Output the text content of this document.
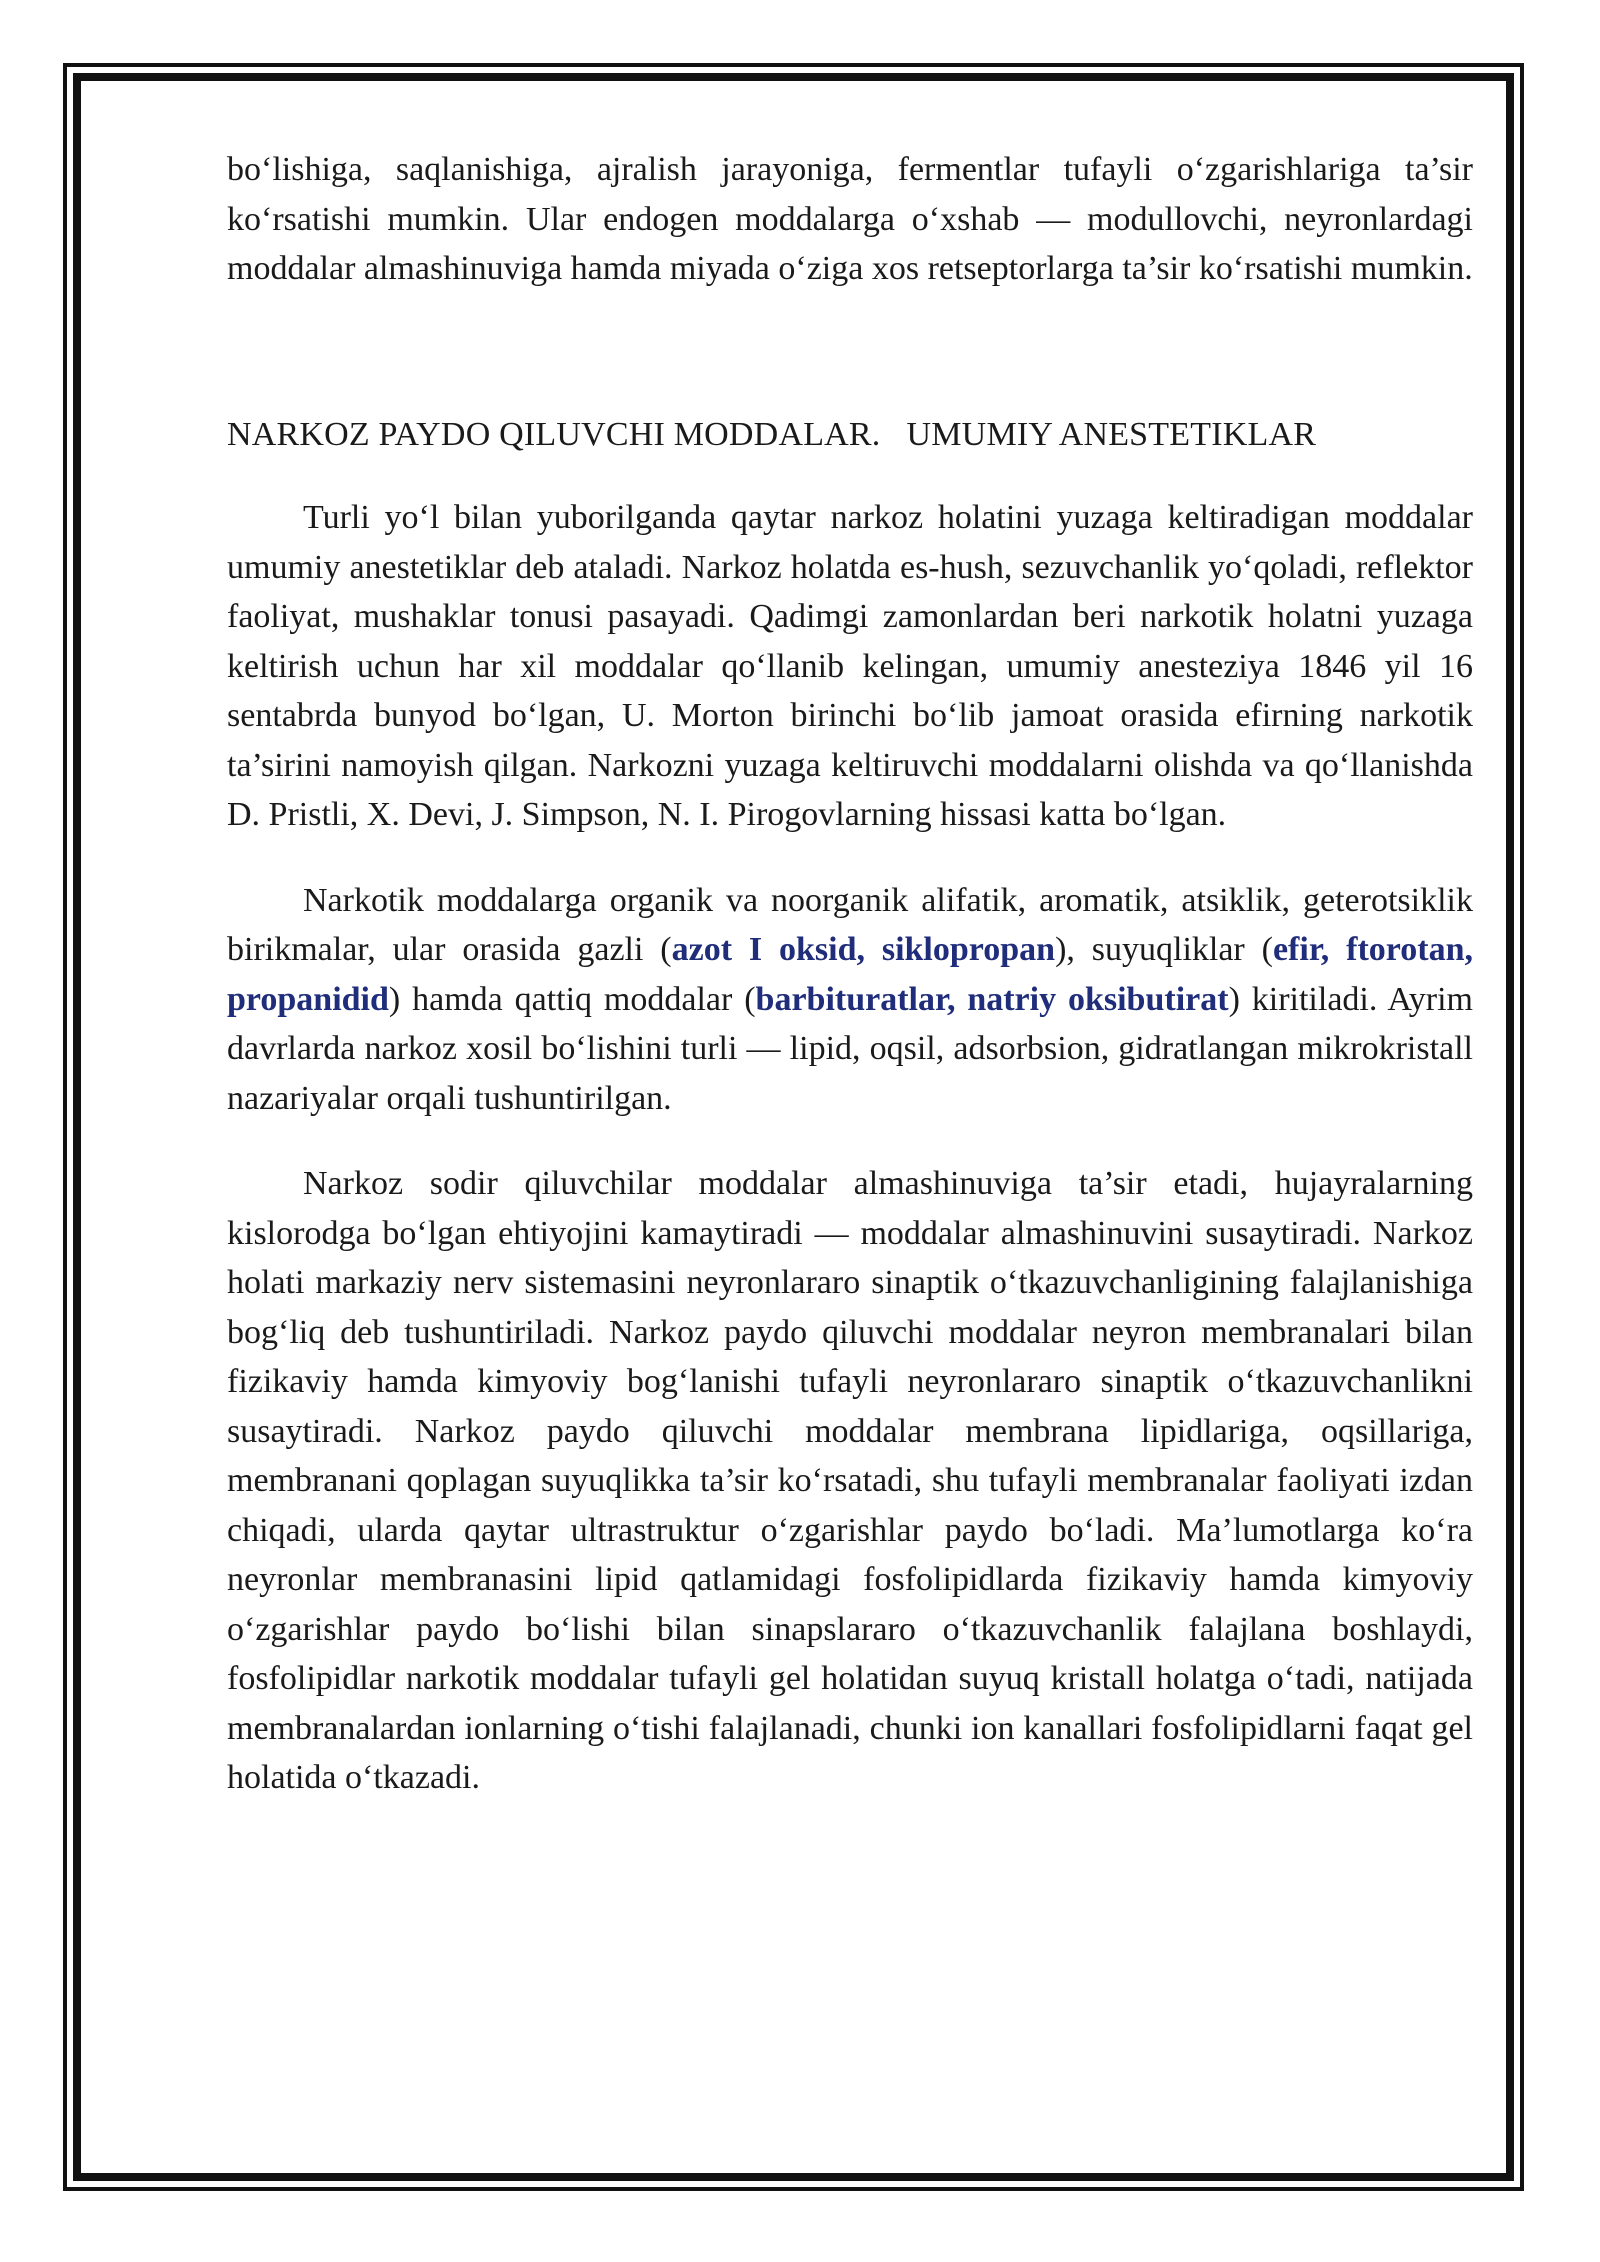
bo‘lishiga, saqlanishiga, ajralish jarayoniga, fermentlar tufayli o‘zgarishlariga ta’sir ko‘rsatishi mumkin. Ular endogen moddalarga o‘xshab — modullovchi, neyronlardagi moddalar almashinuviga hamda miyada o‘ziga xos retseptorlarga ta’sir ko‘rsatishi mumkin.

NARKOZ PAYDO QILUVCHI MODDALAR. UMUMIY ANESTETIKLAR

Turli yo‘l bilan yuborilganda qaytar narkoz holatini yuzaga keltiradigan moddalar umumiy anestetiklar deb ataladi. Narkoz holatda es-hush, sezuvchanlik yo‘qoladi, reflektor faoliyat, mushaklar tonusi pasayadi. Qadimgi zamonlardan beri narkotik holatni yuzaga keltirish uchun har xil moddalar qo‘llanib kelingan, umumiy anesteziya 1846 yil 16 sentabrda bunyod bo‘lgan, U. Morton birinchi bo‘lib jamoat orasida efirning narkotik ta’sirini namoyish qilgan. Narkozni yuzaga keltiruvchi moddalarni olishda va qo‘llanishda D. Pristli, X. Devi, J. Simpson, N. I. Pirogovlarning hissasi katta bo‘lgan.

Narkotik moddalarga organik va noorganik alifatik, aromatik, atsiklik, geterotsiklik birikmalar, ular orasida gazli (azot I oksid, siklopropan), suyuqliklar (efir, ftorotan, propanidid) hamda qattiq moddalar (barbituratlar, natriy oksibutirat) kiritiladi. Ayrim davrlarda narkoz xosil bo‘lishini turli — lipid, oqsil, adsorbsion, gidratlangan mikrokristall nazariyalar orqali tushuntirilgan.

Narkoz sodir qiluvchilar moddalar almashinuviga ta’sir etadi, hujayralarning kislorodga bo‘lgan ehtiyojini kamaytiradi — moddalar almashinuvini susaytiradi. Narkoz holati markaziy nerv sistemasini neyronlararo sinaptik o‘tkazuvchanligining falajlanishiga bog‘liq deb tushuntiriladi. Narkoz paydo qiluvchi moddalar neyron membranalari bilan fizikaviy hamda kimyoviy bog‘lanishi tufayli neyronlararo sinaptik o‘tkazuvchanlikni susaytiradi. Narkoz paydo qiluvchi moddalar membrana lipidlariga, oqsillariga, membranani qoplagan suyuqlikka ta’sir ko‘rsatadi, shu tufayli membranalar faoliyati izdan chiqadi, ularda qaytar ultrastruktur o‘zgarishlar paydo bo‘ladi. Ma’lumotlarga ko‘ra neyronlar membranasini lipid qatlamidagi fosfolipidlarda fizikaviy hamda kimyoviy o‘zgarishlar paydo bo‘lishi bilan sinapslararo o‘tkazuvchanlik falajlana boshlaydi, fosfolipidlar narkotik moddalar tufayli gel holatidan suyuq kristall holatga o‘tadi, natijada membranalardan ionlarning o‘tishi falajlanadi, chunki ion kanallari fosfolipidlarni faqat gel holatida o‘tkazadi.
